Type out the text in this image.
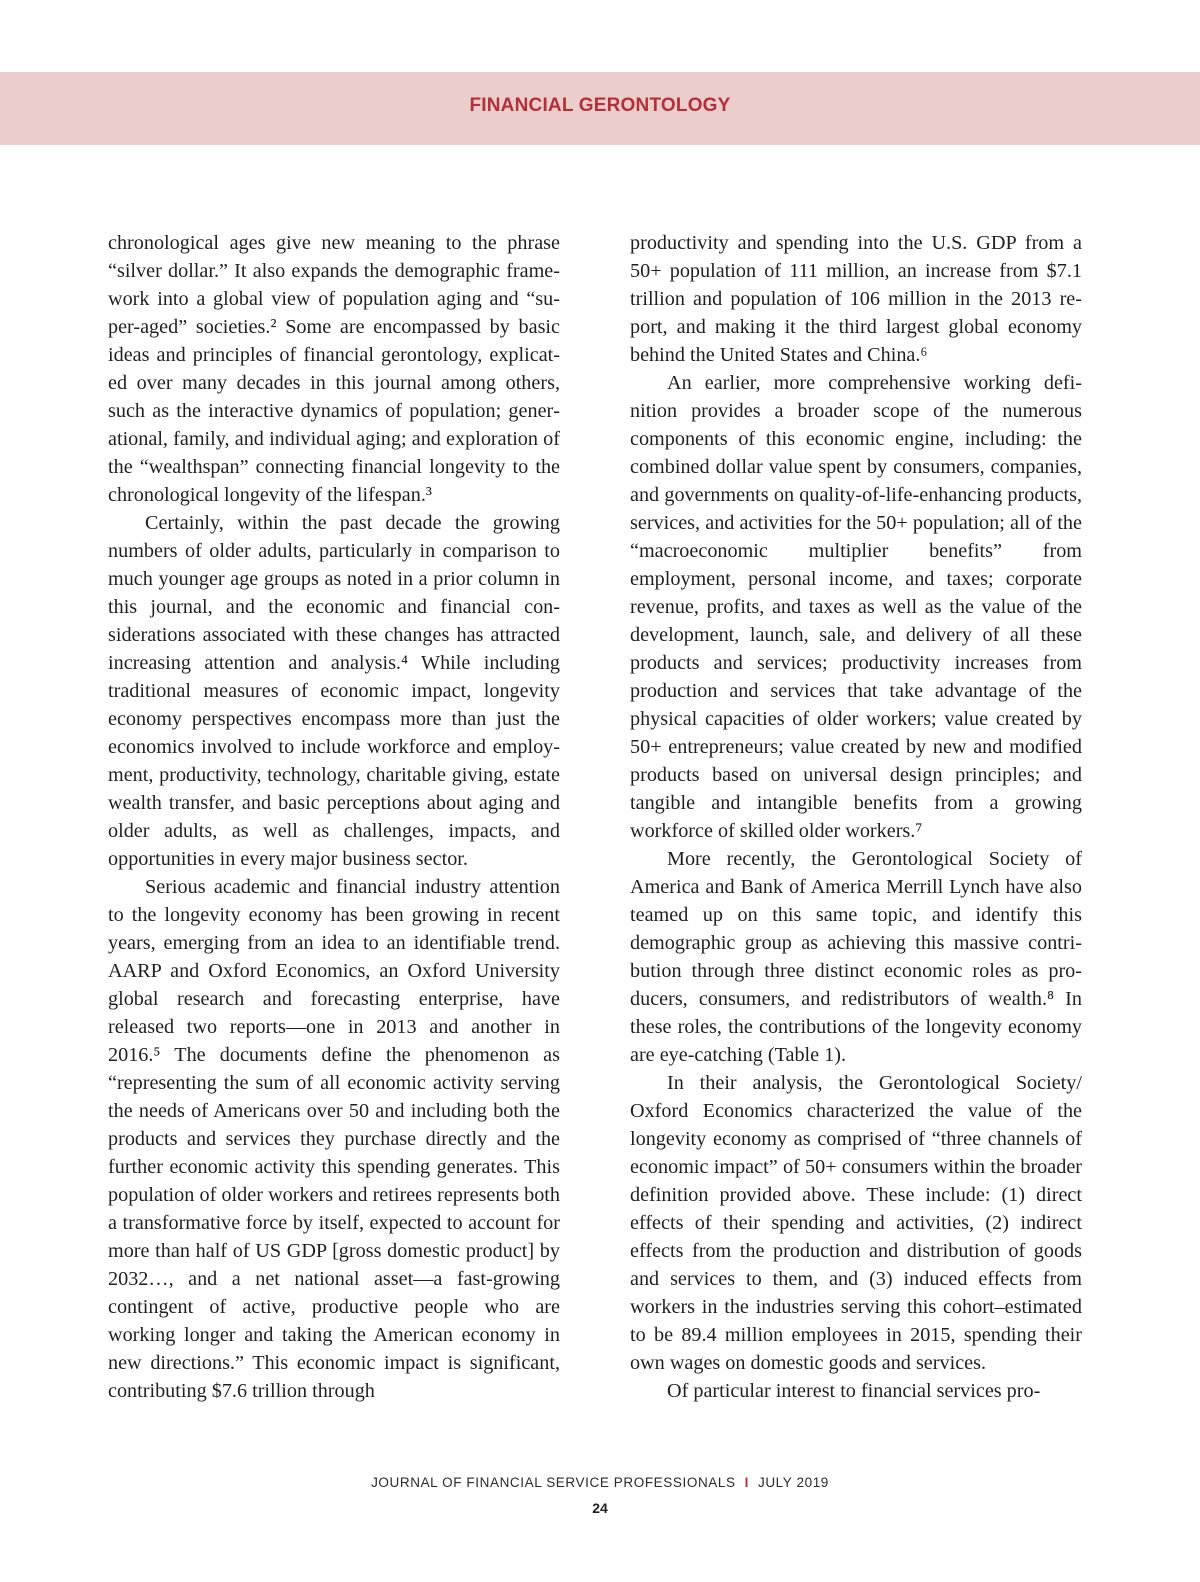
FINANCIAL GERONTOLOGY

chronological ages give new meaning to the phrase “silver dollar.” It also expands the demographic framework into a global view of population aging and “super-aged” societies.² Some are encompassed by basic ideas and principles of financial gerontology, explicated over many decades in this journal among others, such as the interactive dynamics of population; generational, family, and individual aging; and exploration of the “wealthspan” connecting financial longevity to the chronological longevity of the lifespan.³

Certainly, within the past decade the growing numbers of older adults, particularly in comparison to much younger age groups as noted in a prior column in this journal, and the economic and financial considerations associated with these changes has attracted increasing attention and analysis.⁴ While including traditional measures of economic impact, longevity economy perspectives encompass more than just the economics involved to include workforce and employment, productivity, technology, charitable giving, estate wealth transfer, and basic perceptions about aging and older adults, as well as challenges, impacts, and opportunities in every major business sector.

Serious academic and financial industry attention to the longevity economy has been growing in recent years, emerging from an idea to an identifiable trend. AARP and Oxford Economics, an Oxford University global research and forecasting enterprise, have released two reports—one in 2013 and another in 2016.⁵ The documents define the phenomenon as “representing the sum of all economic activity serving the needs of Americans over 50 and including both the products and services they purchase directly and the further economic activity this spending generates. This population of older workers and retirees represents both a transformative force by itself, expected to account for more than half of US GDP [gross domestic product] by 2032…, and a net national asset—a fast-growing contingent of active, productive people who are working longer and taking the American economy in new directions.” This economic impact is significant, contributing $7.6 trillion through

productivity and spending into the U.S. GDP from a 50+ population of 111 million, an increase from $7.1 trillion and population of 106 million in the 2013 report, and making it the third largest global economy behind the United States and China.⁶

An earlier, more comprehensive working definition provides a broader scope of the numerous components of this economic engine, including: the combined dollar value spent by consumers, companies, and governments on quality-of-life-enhancing products, services, and activities for the 50+ population; all of the “macroeconomic multiplier benefits” from employment, personal income, and taxes; corporate revenue, profits, and taxes as well as the value of the development, launch, sale, and delivery of all these products and services; productivity increases from production and services that take advantage of the physical capacities of older workers; value created by 50+ entrepreneurs; value created by new and modified products based on universal design principles; and tangible and intangible benefits from a growing workforce of skilled older workers.⁷

More recently, the Gerontological Society of America and Bank of America Merrill Lynch have also teamed up on this same topic, and identify this demographic group as achieving this massive contribution through three distinct economic roles as producers, consumers, and redistributors of wealth.⁸ In these roles, the contributions of the longevity economy are eye-catching (Table 1).

In their analysis, the Gerontological Society/ Oxford Economics characterized the value of the longevity economy as comprised of “three channels of economic impact” of 50+ consumers within the broader definition provided above. These include: (1) direct effects of their spending and activities, (2) indirect effects from the production and distribution of goods and services to them, and (3) induced effects from workers in the industries serving this cohort–estimated to be 89.4 million employees in 2015, spending their own wages on domestic goods and services.

Of particular interest to financial services pro-

JOURNAL OF FINANCIAL SERVICE PROFESSIONALS I JULY 2019
24
